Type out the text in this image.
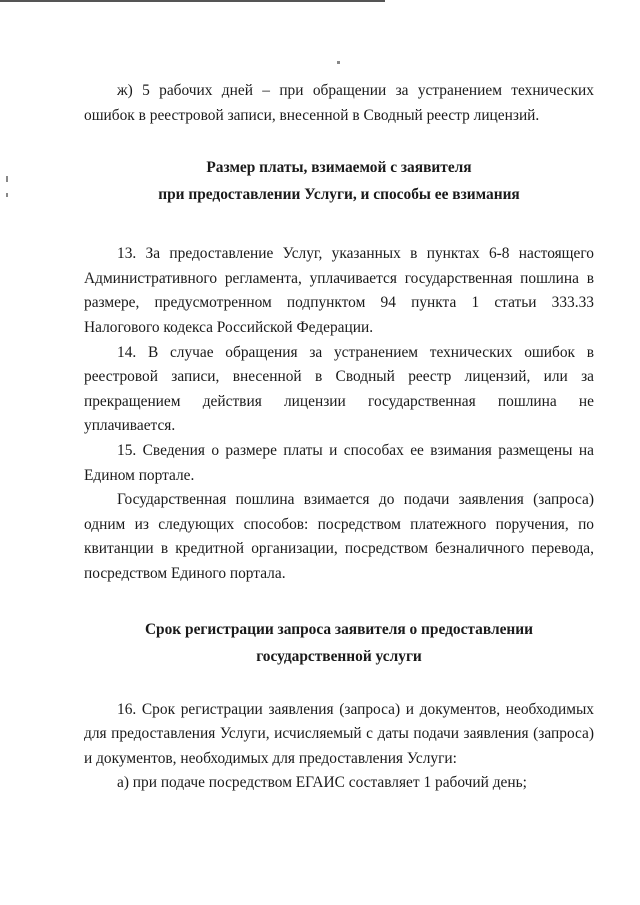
ж) 5 рабочих дней – при обращении за устранением технических ошибок в реестровой записи, внесенной в Сводный реестр лицензий.

Размер платы, взимаемой с заявителя

при предоставлении Услуги, и способы ее взимания

13. За предоставление Услуг, указанных в пунктах 6-8 настоящего Административного регламента, уплачивается государственная пошлина в размере, предусмотренном подпунктом 94 пункта 1 статьи 333.33 Налогового кодекса Российской Федерации.

14. В случае обращения за устранением технических ошибок в реестровой записи, внесенной в Сводный реестр лицензий, или за прекращением действия лицензии государственная пошлина не уплачивается.

15. Сведения о размере платы и способах ее взимания размещены на Едином портале.

Государственная пошлина взимается до подачи заявления (запроса) одним из следующих способов: посредством платежного поручения, по квитанции в кредитной организации, посредством безналичного перевода, посредством Единого портала.

Срок регистрации запроса заявителя о предоставлении

государственной услуги

16. Срок регистрации заявления (запроса) и документов, необходимых для предоставления Услуги, исчисляемый с даты подачи заявления (запроса) и документов, необходимых для предоставления Услуги:

а) при подаче посредством ЕГАИС составляет 1 рабочий день;
